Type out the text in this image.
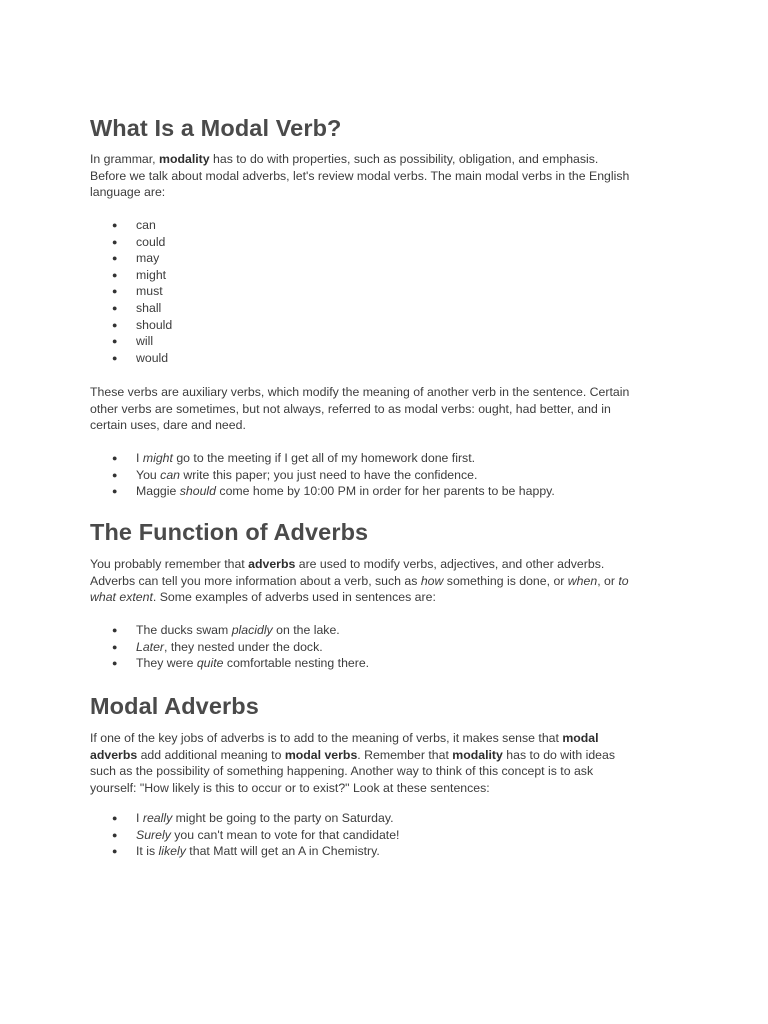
What Is a Modal Verb?

In grammar, modality has to do with properties, such as possibility, obligation, and emphasis.
Before we talk about modal adverbs, let's review modal verbs. The main modal verbs in the English
language are:

● can
● could
● may
● might
● must
● shall
● should
● will
● would

These verbs are auxiliary verbs, which modify the meaning of another verb in the sentence. Certain
other verbs are sometimes, but not always, referred to as modal verbs: ought, had better, and in
certain uses, dare and need.

● I might go to the meeting if I get all of my homework done first.
● You can write this paper; you just need to have the confidence.
● Maggie should come home by 10:00 PM in order for her parents to be happy.
The Function of Adverbs

You probably remember that adverbs are used to modify verbs, adjectives, and other adverbs.
Adverbs can tell you more information about a verb, such as how something is done, or when, or to
what extent. Some examples of adverbs used in sentences are:

● The ducks swam placidly on the lake.
● Later, they nested under the dock.
● They were quite comfortable nesting there.
Modal Adverbs

If one of the key jobs of adverbs is to add to the meaning of verbs, it makes sense that modal
adverbs add additional meaning to modal verbs. Remember that modality has to do with ideas
such as the possibility of something happening. Another way to think of this concept is to ask
yourself: "How likely is this to occur or to exist?" Look at these sentences:

● I really might be going to the party on Saturday.
● Surely you can't mean to vote for that candidate!
● It is likely that Matt will get an A in Chemistry.
